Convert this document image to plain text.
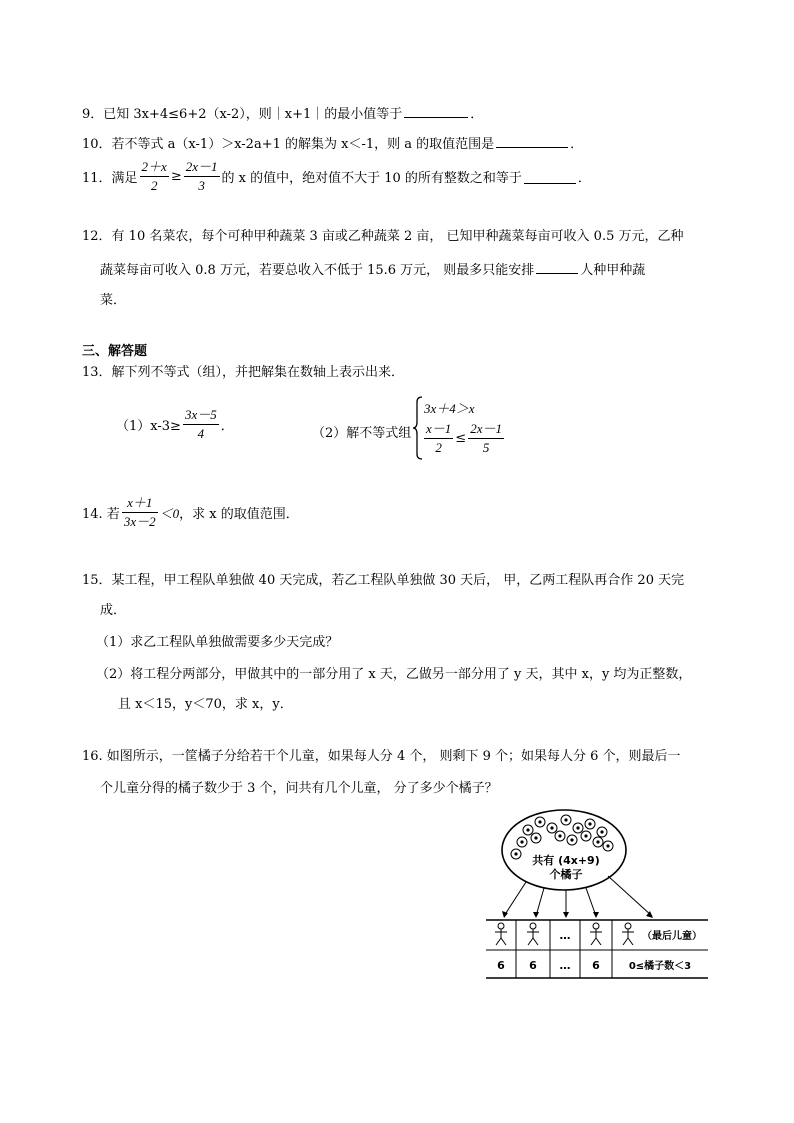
9．已知 3x+4≤6+2（x-2），则｜x+1｜的最小值等于	．
10．若不等式 a（x-1）＞x-2a+1 的解集为 x＜-1，则 a 的取值范围是	．
11．满足 $\frac{2+x}{2} \ge \frac{2x-1}{3}$ 的 x 的值中，绝对值不大于 10 的所有整数之和等于	．
12．有 10 名菜农，每个可种甲种蔬菜 3 亩或乙种蔬菜 2 亩， 已知甲种蔬菜每亩可收入 0.5 万元，乙种
蔬菜每亩可收入 0.8 万元，若要总收入不低于 15.6 万元， 则最多只能安排	人种甲种蔬
菜．
三、解答题
13．解下列不等式（组），并把解集在数轴上表示出来．
$(1)x-3\ge \frac{3x-5}{4}$ ．	（2）解不等式组
3x＋4＞x
$\frac{x-1}{2} \le \frac{2x-1}{5}$
14. 若 $\frac{x+1}{3x-2} <0$，求 x 的取值范围．
15．某工程，甲工程队单独做 40 天完成，若乙工程队单独做 30 天后， 甲，乙两工程队再合作 20 天完
成．
（1）求乙工程队单独做需要多少天完成？
（2）将工程分两部分，甲做其中的一部分用了 x 天，乙做另一部分用了 y 天，其中 x，y 均为正整数，
且 x＜15，y＜70，求 x，y．
16. 如图所示，一筐橘子分给若干个儿童，如果每人分 4 个， 则剩下 9 个；如果每人分 6 个，则最后一
个儿童分得的橘子数少于 3 个，问共有几个儿童， 分了多少个橘子？
共有 (4x+9)
个橘子
…	（最后儿童）
6 6 … 6	0≤橘子数＜3
